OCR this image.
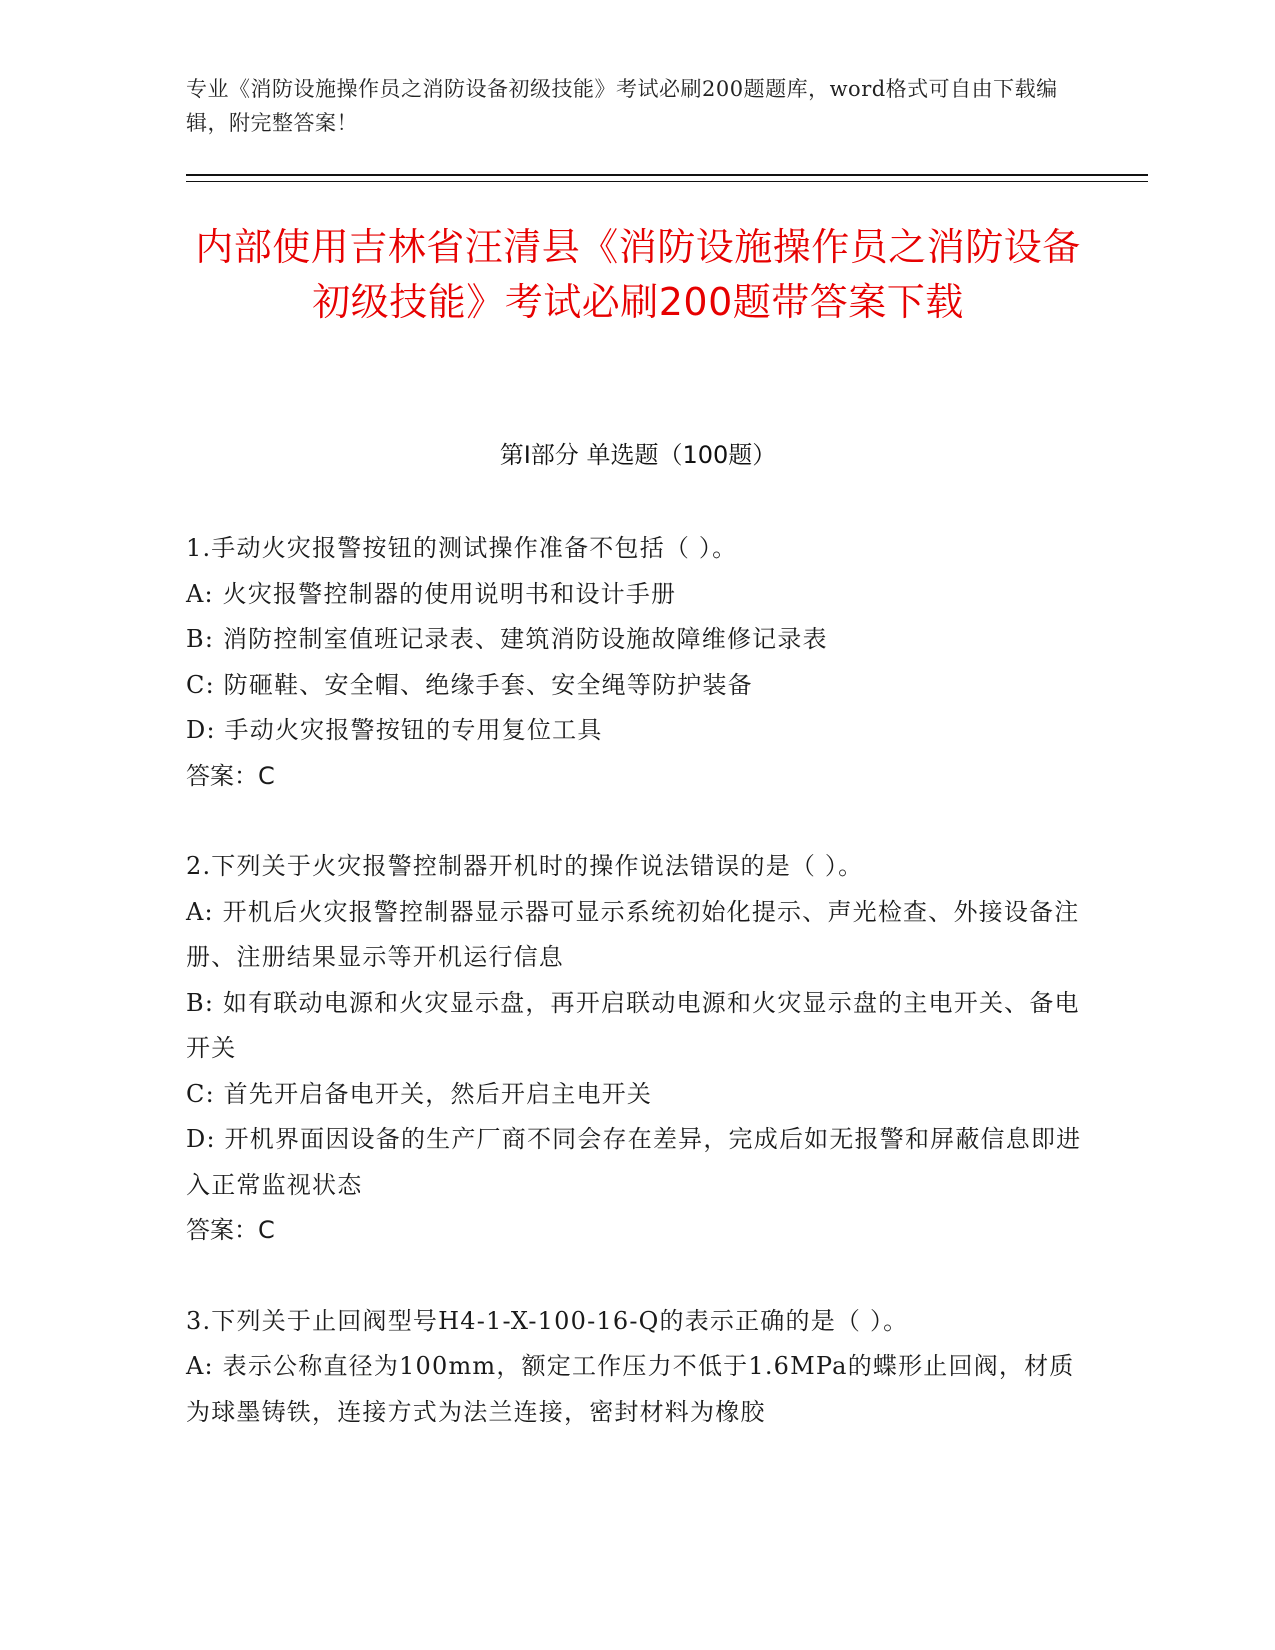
专业《消防设施操作员之消防设备初级技能》考试必刷200题题库，word格式可自由下载编辑，附完整答案！
内部使用吉林省汪清县《消防设施操作员之消防设备初级技能》考试必刷200题带答案下载
第Ⅰ部分 单选题（100题）

1.手动火灾报警按钮的测试操作准备不包括（ ）。

A: 火灾报警控制器的使用说明书和设计手册

B: 消防控制室值班记录表、建筑消防设施故障维修记录表

C: 防砸鞋、安全帽、绝缘手套、安全绳等防护装备

D: 手动火灾报警按钮的专用复位工具

答案：C

2.下列关于火灾报警控制器开机时的操作说法错误的是（ ）。

A: 开机后火灾报警控制器显示器可显示系统初始化提示、声光检查、外接设备注册、注册结果显示等开机运行信息

B: 如有联动电源和火灾显示盘，再开启联动电源和火灾显示盘的主电开关、备电开关

C: 首先开启备电开关，然后开启主电开关

D: 开机界面因设备的生产厂商不同会存在差异，完成后如无报警和屏蔽信息即进入正常监视状态

答案：C

3.下列关于止回阀型号H4-1-X-100-16-Q的表示正确的是（ ）。

A: 表示公称直径为100mm，额定工作压力不低于1.6MPa的蝶形止回阀，材质为球墨铸铁，连接方式为法兰连接，密封材料为橡胶
